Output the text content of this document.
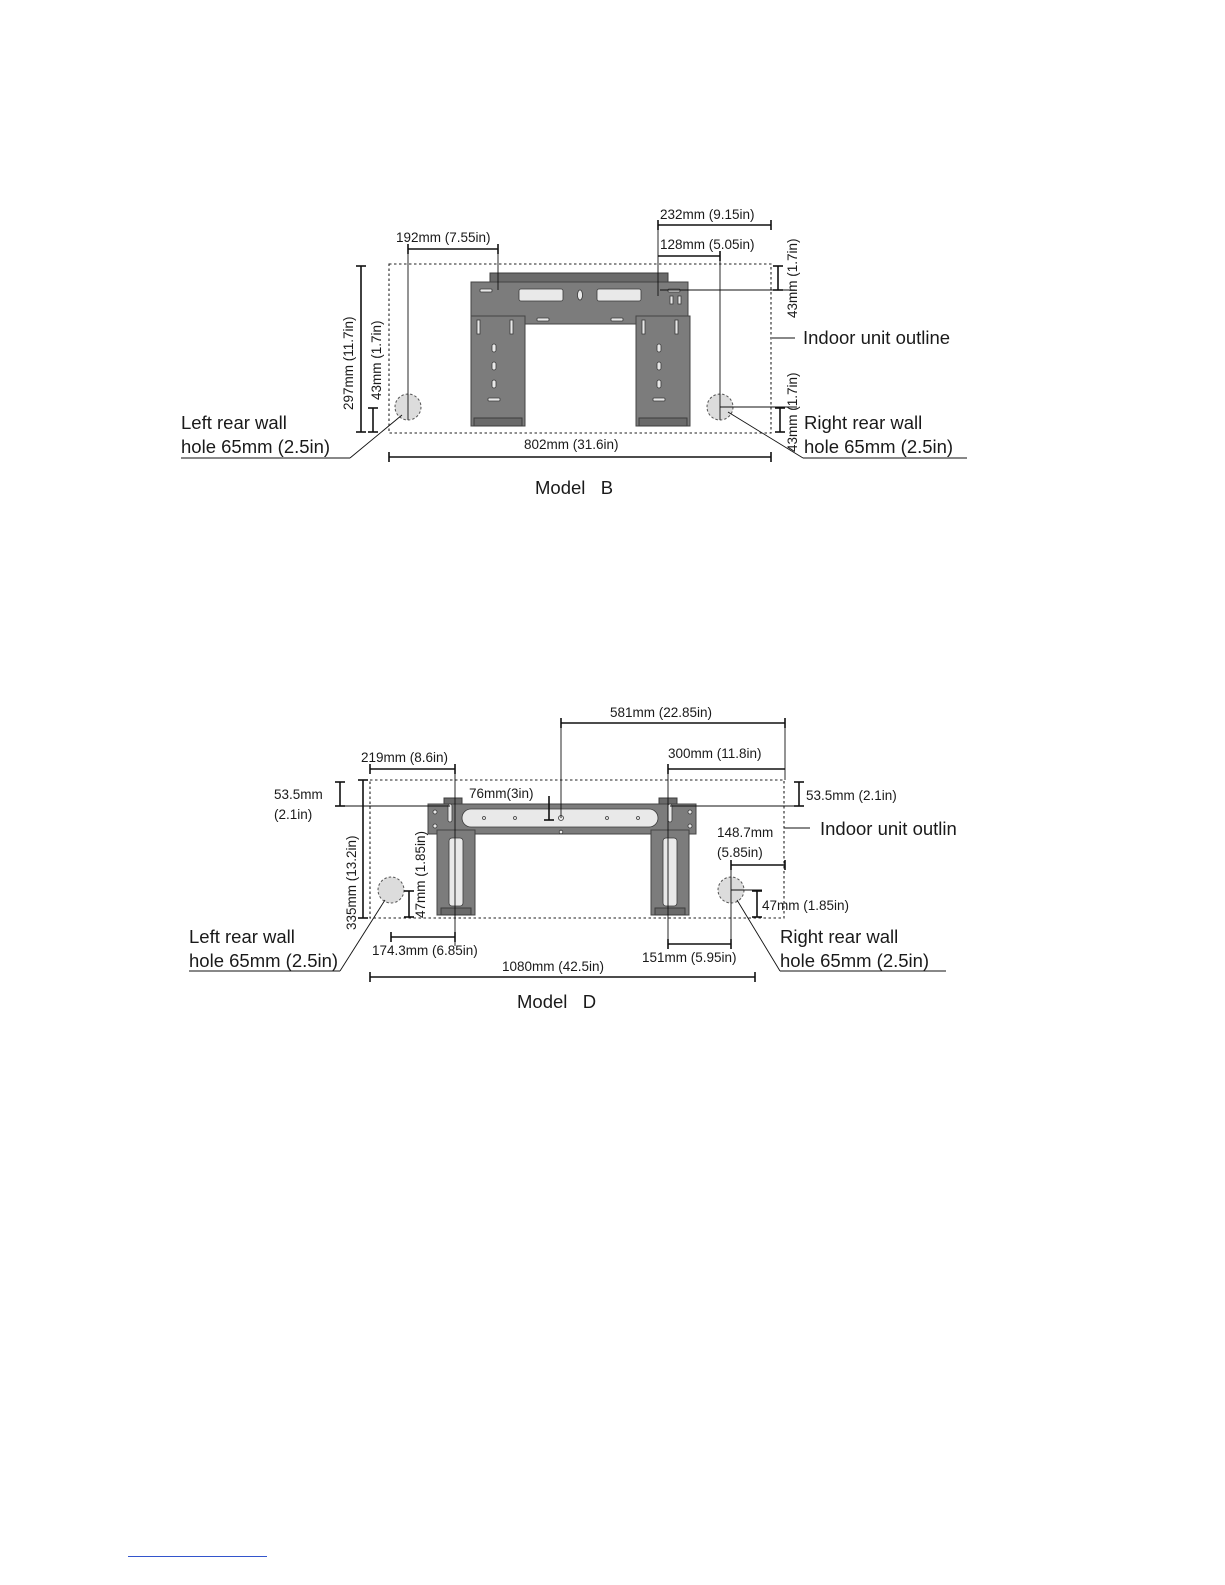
232mm (9.15in)
128mm (5.05in)
192mm (7.55in)
297mm (11.7in) 43mm (1.7in)
43mm (1.7in)
43mm (1.7in)
802mm (31.6in)
Indoor unit outline
Left rear wall
hole 65mm (2.5in)
Right rear wall
hole 65mm (2.5in)
Model   B
581mm (22.85in)
300mm (11.8in)
219mm (8.6in)
76mm(3in)
53.5mm
(2.1in)
53.5mm (2.1in)
335mm (13.2in)	47mm (1.85in)	47mm (1.85in)
148.7mm
(5.85in)
174.3mm (6.85in)	151mm (5.95in)
1080mm (42.5in)
Indoor unit outlin
Left rear wall
hole 65mm (2.5in)
Right rear wall
hole 65mm (2.5in)
Model   D
